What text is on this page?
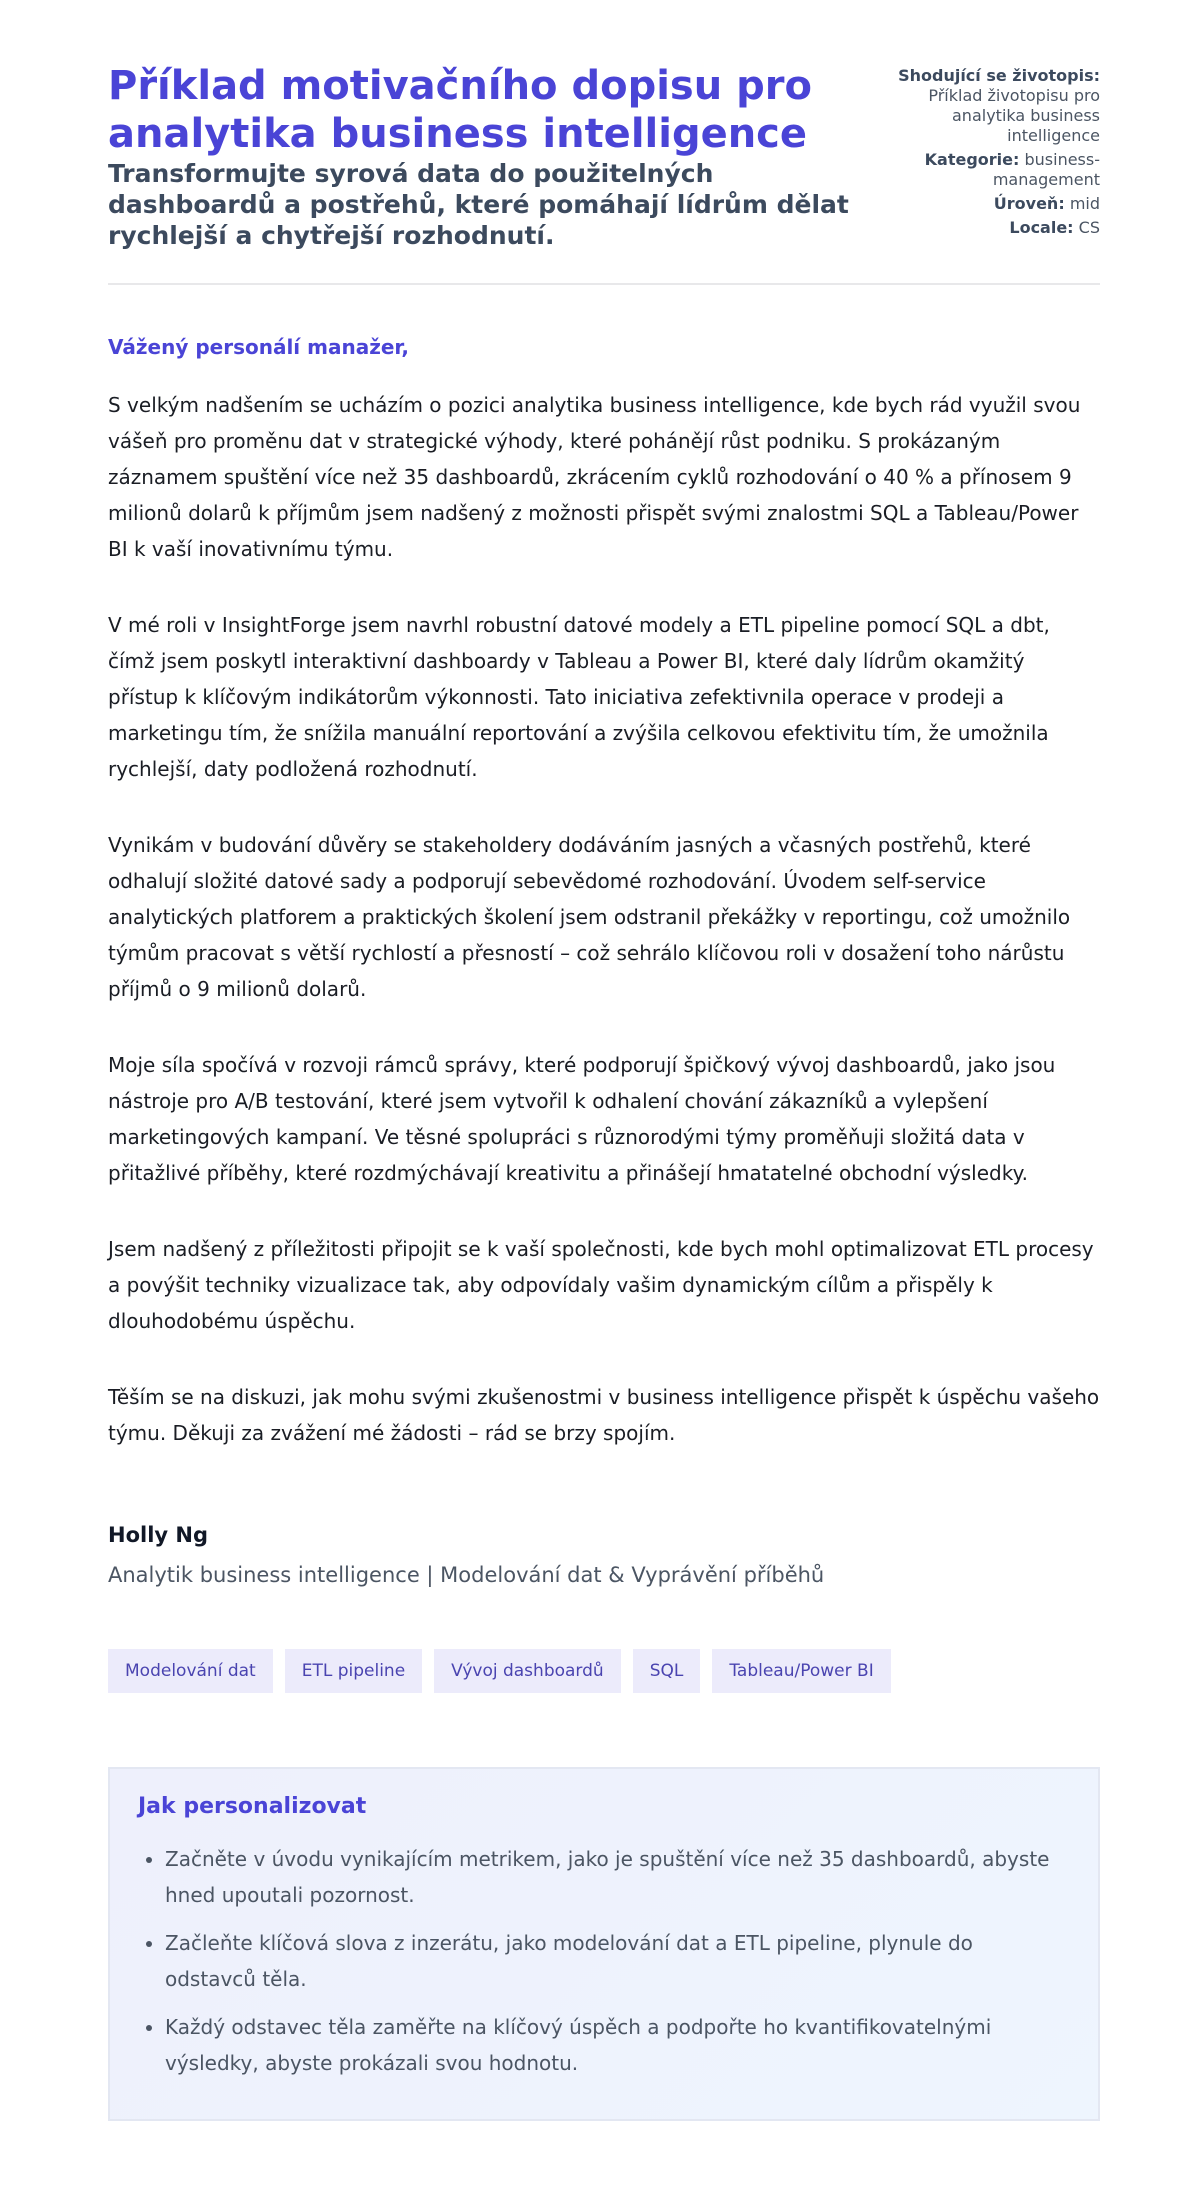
Příklad motivačního dopisu pro analytika business intelligence
Transformujte syrová data do použitelných dashboardů a postřehů, které pomáhají lídrům dělat rychlejší a chytřejší rozhodnutí.
Shodující se životopis: Příklad životopisu pro analytika business intelligence
Kategorie: business-management
Úroveň: mid
Locale: CS

Vážený personálí manažer,

S velkým nadšením se ucházím o pozici analytika business intelligence, kde bych rád využil svou vášeň pro proměnu dat v strategické výhody, které pohánějí růst podniku. S prokázaným záznamem spuštění více než 35 dashboardů, zkrácením cyklů rozhodování o 40 % a přínosem 9 milionů dolarů k příjmům jsem nadšený z možnosti přispět svými znalostmi SQL a Tableau/Power BI k vaší inovativnímu týmu.

V mé roli v InsightForge jsem navrhl robustní datové modely a ETL pipeline pomocí SQL a dbt, čímž jsem poskytl interaktivní dashboardy v Tableau a Power BI, které daly lídrům okamžitý přístup k klíčovým indikátorům výkonnosti. Tato iniciativa zefektivnila operace v prodeji a marketingu tím, že snížila manuální reportování a zvýšila celkovou efektivitu tím, že umožnila rychlejší, daty podložená rozhodnutí.

Vynikám v budování důvěry se stakeholdery dodáváním jasných a včasných postřehů, které odhalují složité datové sady a podporují sebevědomé rozhodování. Úvodem self-service analytických platforem a praktických školení jsem odstranil překážky v reportingu, což umožnilo týmům pracovat s větší rychlostí a přesností – což sehrálo klíčovou roli v dosažení toho nárůstu příjmů o 9 milionů dolarů.

Moje síla spočívá v rozvoji rámců správy, které podporují špičkový vývoj dashboardů, jako jsou nástroje pro A/B testování, které jsem vytvořil k odhalení chování zákazníků a vylepšení marketingových kampaní. Ve těsné spolupráci s různorodými týmy proměňuji složitá data v přitažlivé příběhy, které rozdmýchávají kreativitu a přinášejí hmatatelné obchodní výsledky.

Jsem nadšený z příležitosti připojit se k vaší společnosti, kde bych mohl optimalizovat ETL procesy a povýšit techniky vizualizace tak, aby odpovídaly vašim dynamickým cílům a přispěly k dlouhodobému úspěchu.

Těším se na diskuzi, jak mohu svými zkušenostmi v business intelligence přispět k úspěchu vašeho týmu. Děkuji za zvážení mé žádosti – rád se brzy spojím.

Holly Ng

Analytik business intelligence | Modelování dat & Vyprávění příběhů

Modelování dat	ETL pipeline	Vývoj dashboardů	SQL	Tableau/Power BI
Jak personalizovat
• Začněte v úvodu vynikajícím metrikem, jako je spuštění více než 35 dashboardů, abyste hned upoutali pozornost.
• Začleňte klíčová slova z inzerátu, jako modelování dat a ETL pipeline, plynule do odstavců těla.
• Každý odstavec těla zaměřte na klíčový úspěch a podpořte ho kvantifikovatelnými výsledky, abyste prokázali svou hodnotu.
